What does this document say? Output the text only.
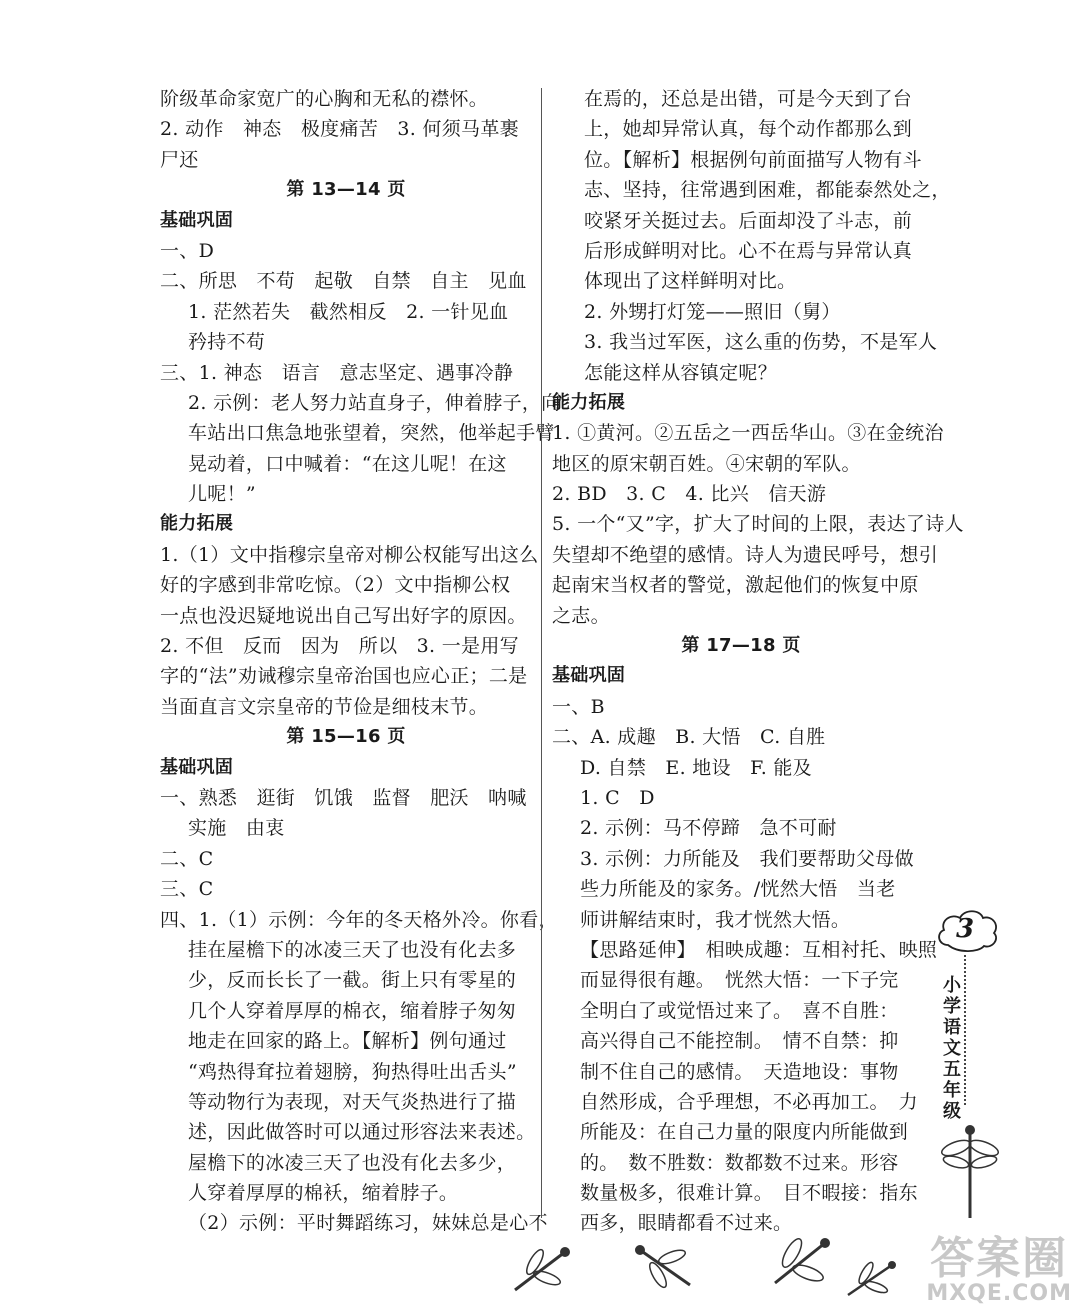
阶级革命家宽广的心胸和无私的襟怀。
2. 动作　神态　极度痛苦　3. 何须马革裹
尸还
第 13—14 页
基础巩固
一、D
二、所思　不苟　起敬　自禁　自主　见血
1. 茫然若失　截然相反　2. 一针见血
矜持不苟
三、1. 神态　语言　意志坚定、遇事冷静
2. 示例：老人努力站直身子，伸着脖子，向
车站出口焦急地张望着，突然，他举起手臂
晃动着，口中喊着：“在这儿呢！在这
儿呢！”
能力拓展
1.（1）文中指穆宗皇帝对柳公权能写出这么
好的字感到非常吃惊。（2）文中指柳公权
一点也没迟疑地说出自己写出好字的原因。
2. 不但　反而　因为　所以　3. 一是用写
字的“法”劝诫穆宗皇帝治国也应心正；二是
当面直言文宗皇帝的节俭是细枝末节。
第 15—16 页
基础巩固
一、熟悉　逛街　饥饿　监督　肥沃　呐喊
实施　由衷
二、C
三、C
四、1.（1）示例：今年的冬天格外冷。你看，
挂在屋檐下的冰凌三天了也没有化去多
少，反而长长了一截。街上只有零星的
几个人穿着厚厚的棉衣，缩着脖子匆匆
地走在回家的路上。【解析】例句通过
“鸡热得耷拉着翅膀，狗热得吐出舌头”
等动物行为表现，对天气炎热进行了描
述，因此做答时可以通过形容法来表述。
屋檐下的冰凌三天了也没有化去多少，
人穿着厚厚的棉袄，缩着脖子。
（2）示例：平时舞蹈练习，妹妹总是心不
在焉的，还总是出错，可是今天到了台
上，她却异常认真，每个动作都那么到
位。【解析】根据例句前面描写人物有斗
志、坚持，往常遇到困难，都能泰然处之，
咬紧牙关挺过去。后面却没了斗志，前
后形成鲜明对比。心不在焉与异常认真
体现出了这样鲜明对比。
2. 外甥打灯笼——照旧（舅）
3. 我当过军医，这么重的伤势，不是军人
怎能这样从容镇定呢？
能力拓展
1. ①黄河。②五岳之一西岳华山。③在金统治
地区的原宋朝百姓。④宋朝的军队。
2. BD　3. C　4. 比兴　信天游
5. 一个“又”字，扩大了时间的上限，表达了诗人
失望却不绝望的感情。诗人为遗民呼号，想引
起南宋当权者的警觉，激起他们的恢复中原
之志。
第 17—18 页
基础巩固
一、B
二、A. 成趣　B. 大悟　C. 自胜
D. 自禁　E. 地设　F. 能及
1. C　D
2. 示例：马不停蹄　急不可耐
3. 示例：力所能及　我们要帮助父母做
些力所能及的家务。/恍然大悟　当老
师讲解结束时，我才恍然大悟。
【思路延伸】　相映成趣：互相衬托、映照
而显得很有趣。　恍然大悟：一下子完
全明白了或觉悟过来了。　喜不自胜：
高兴得自己不能控制。　情不自禁：抑
制不住自己的感情。　天造地设：事物
自然形成，合乎理想，不必再加工。　力
所能及：在自己力量的限度内所能做到
的。　数不胜数：数都数不过来。形容
数量极多，很难计算。　目不暇接：指东
西多，眼睛都看不过来。
3
小学语文五年级
答案圈
MXQE.COM
